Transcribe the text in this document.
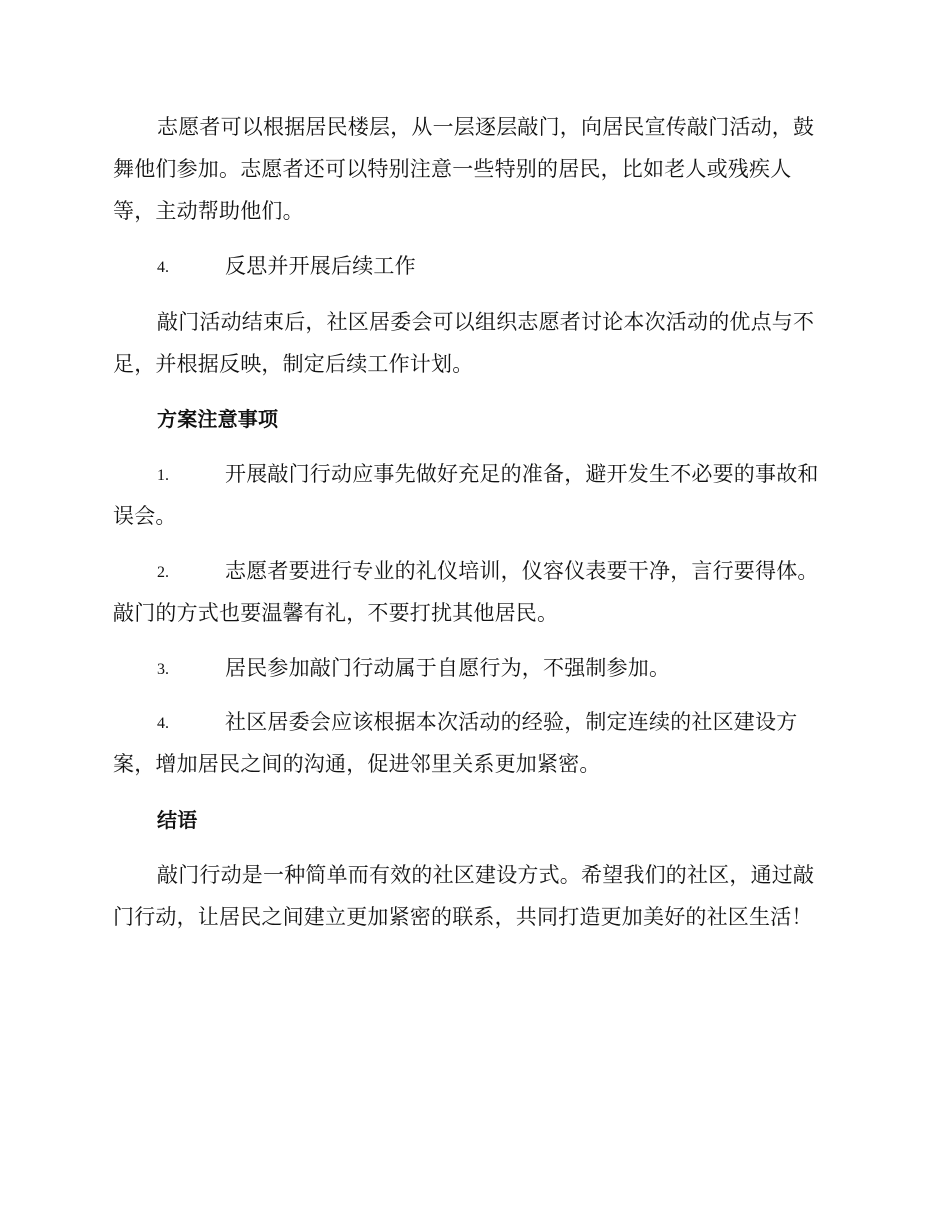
志愿者可以根据居民楼层，从一层逐层敲门，向居民宣传敲门活动，鼓
舞他们参加。志愿者还可以特别注意一些特别的居民，比如老人或残疾人
等，主动帮助他们。
4.	反思并开展后续工作
敲门活动结束后，社区居委会可以组织志愿者讨论本次活动的优点与不
足，并根据反映，制定后续工作计划。
方案注意事项
1.	开展敲门行动应事先做好充足的准备，避开发生不必要的事故和
误会。
2.	志愿者要进行专业的礼仪培训，仪容仪表要干净，言行要得体。
敲门的方式也要温馨有礼，不要打扰其他居民。
3.	居民参加敲门行动属于自愿行为，不强制参加。
4.	社区居委会应该根据本次活动的经验，制定连续的社区建设方
案，增加居民之间的沟通，促进邻里关系更加紧密。
结语
敲门行动是一种简单而有效的社区建设方式。希望我们的社区，通过敲
门行动，让居民之间建立更加紧密的联系，共同打造更加美好的社区生活！
